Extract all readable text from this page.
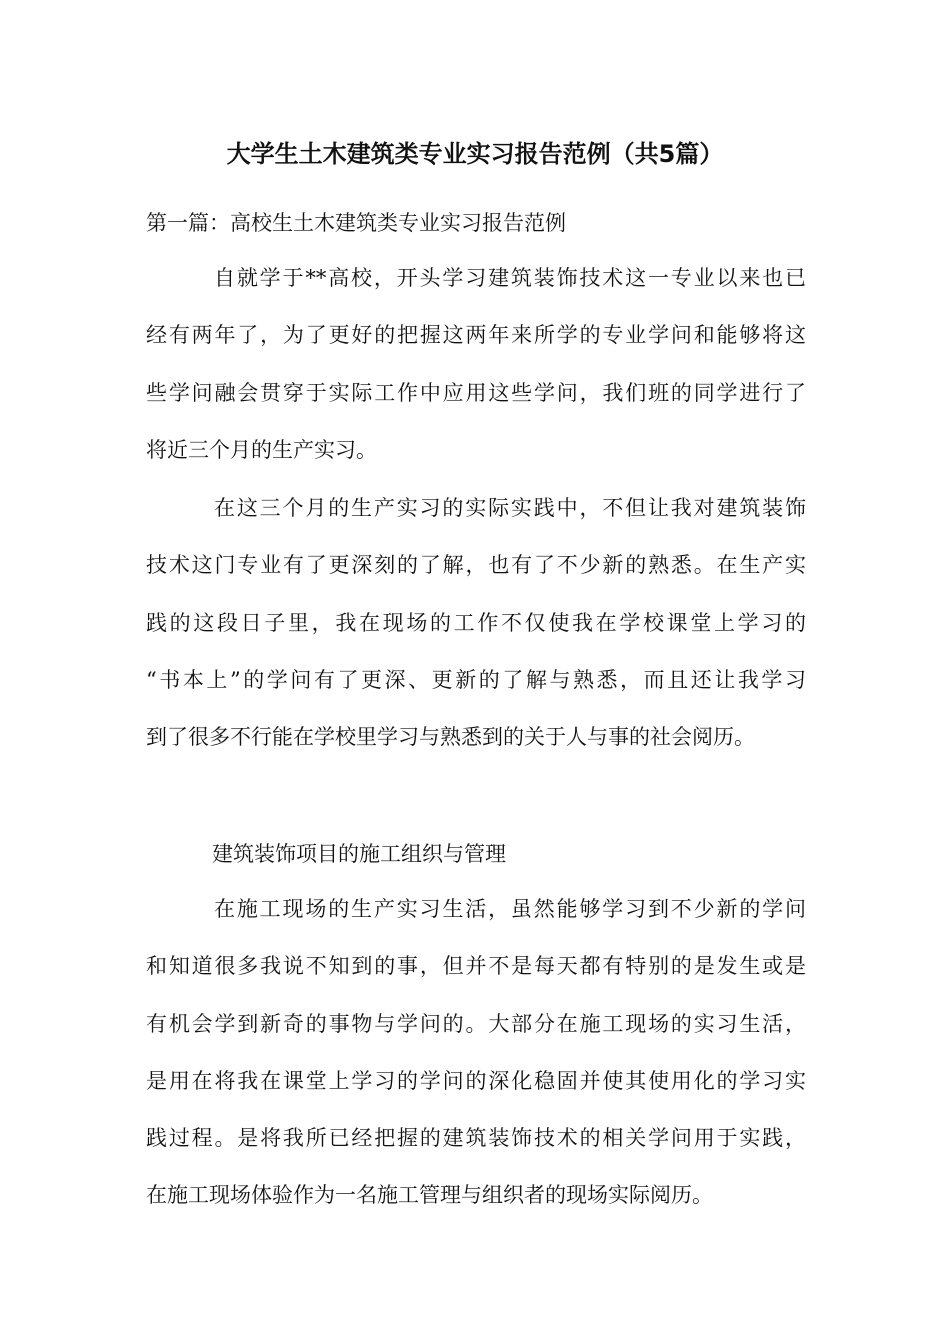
大学生土木建筑类专业实习报告范例（共5篇）
第一篇：高校生土木建筑类专业实习报告范例
自就学于**高校，开头学习建筑装饰技术这一专业以来也已
经有两年了，为了更好的把握这两年来所学的专业学问和能够将这
些学问融会贯穿于实际工作中应用这些学问，我们班的同学进行了
将近三个月的生产实习。
在这三个月的生产实习的实际实践中，不但让我对建筑装饰
技术这门专业有了更深刻的了解，也有了不少新的熟悉。在生产实
践的这段日子里，我在现场的工作不仅使我在学校课堂上学习的
“书本上”的学问有了更深、更新的了解与熟悉，而且还让我学习
到了很多不行能在学校里学习与熟悉到的关于人与事的社会阅历。
建筑装饰项目的施工组织与管理
在施工现场的生产实习生活，虽然能够学习到不少新的学问
和知道很多我说不知到的事，但并不是每天都有特别的是发生或是
有机会学到新奇的事物与学问的。大部分在施工现场的实习生活，
是用在将我在课堂上学习的学问的深化稳固并使其使用化的学习实
践过程。是将我所已经把握的建筑装饰技术的相关学问用于实践，
在施工现场体验作为一名施工管理与组织者的现场实际阅历。
